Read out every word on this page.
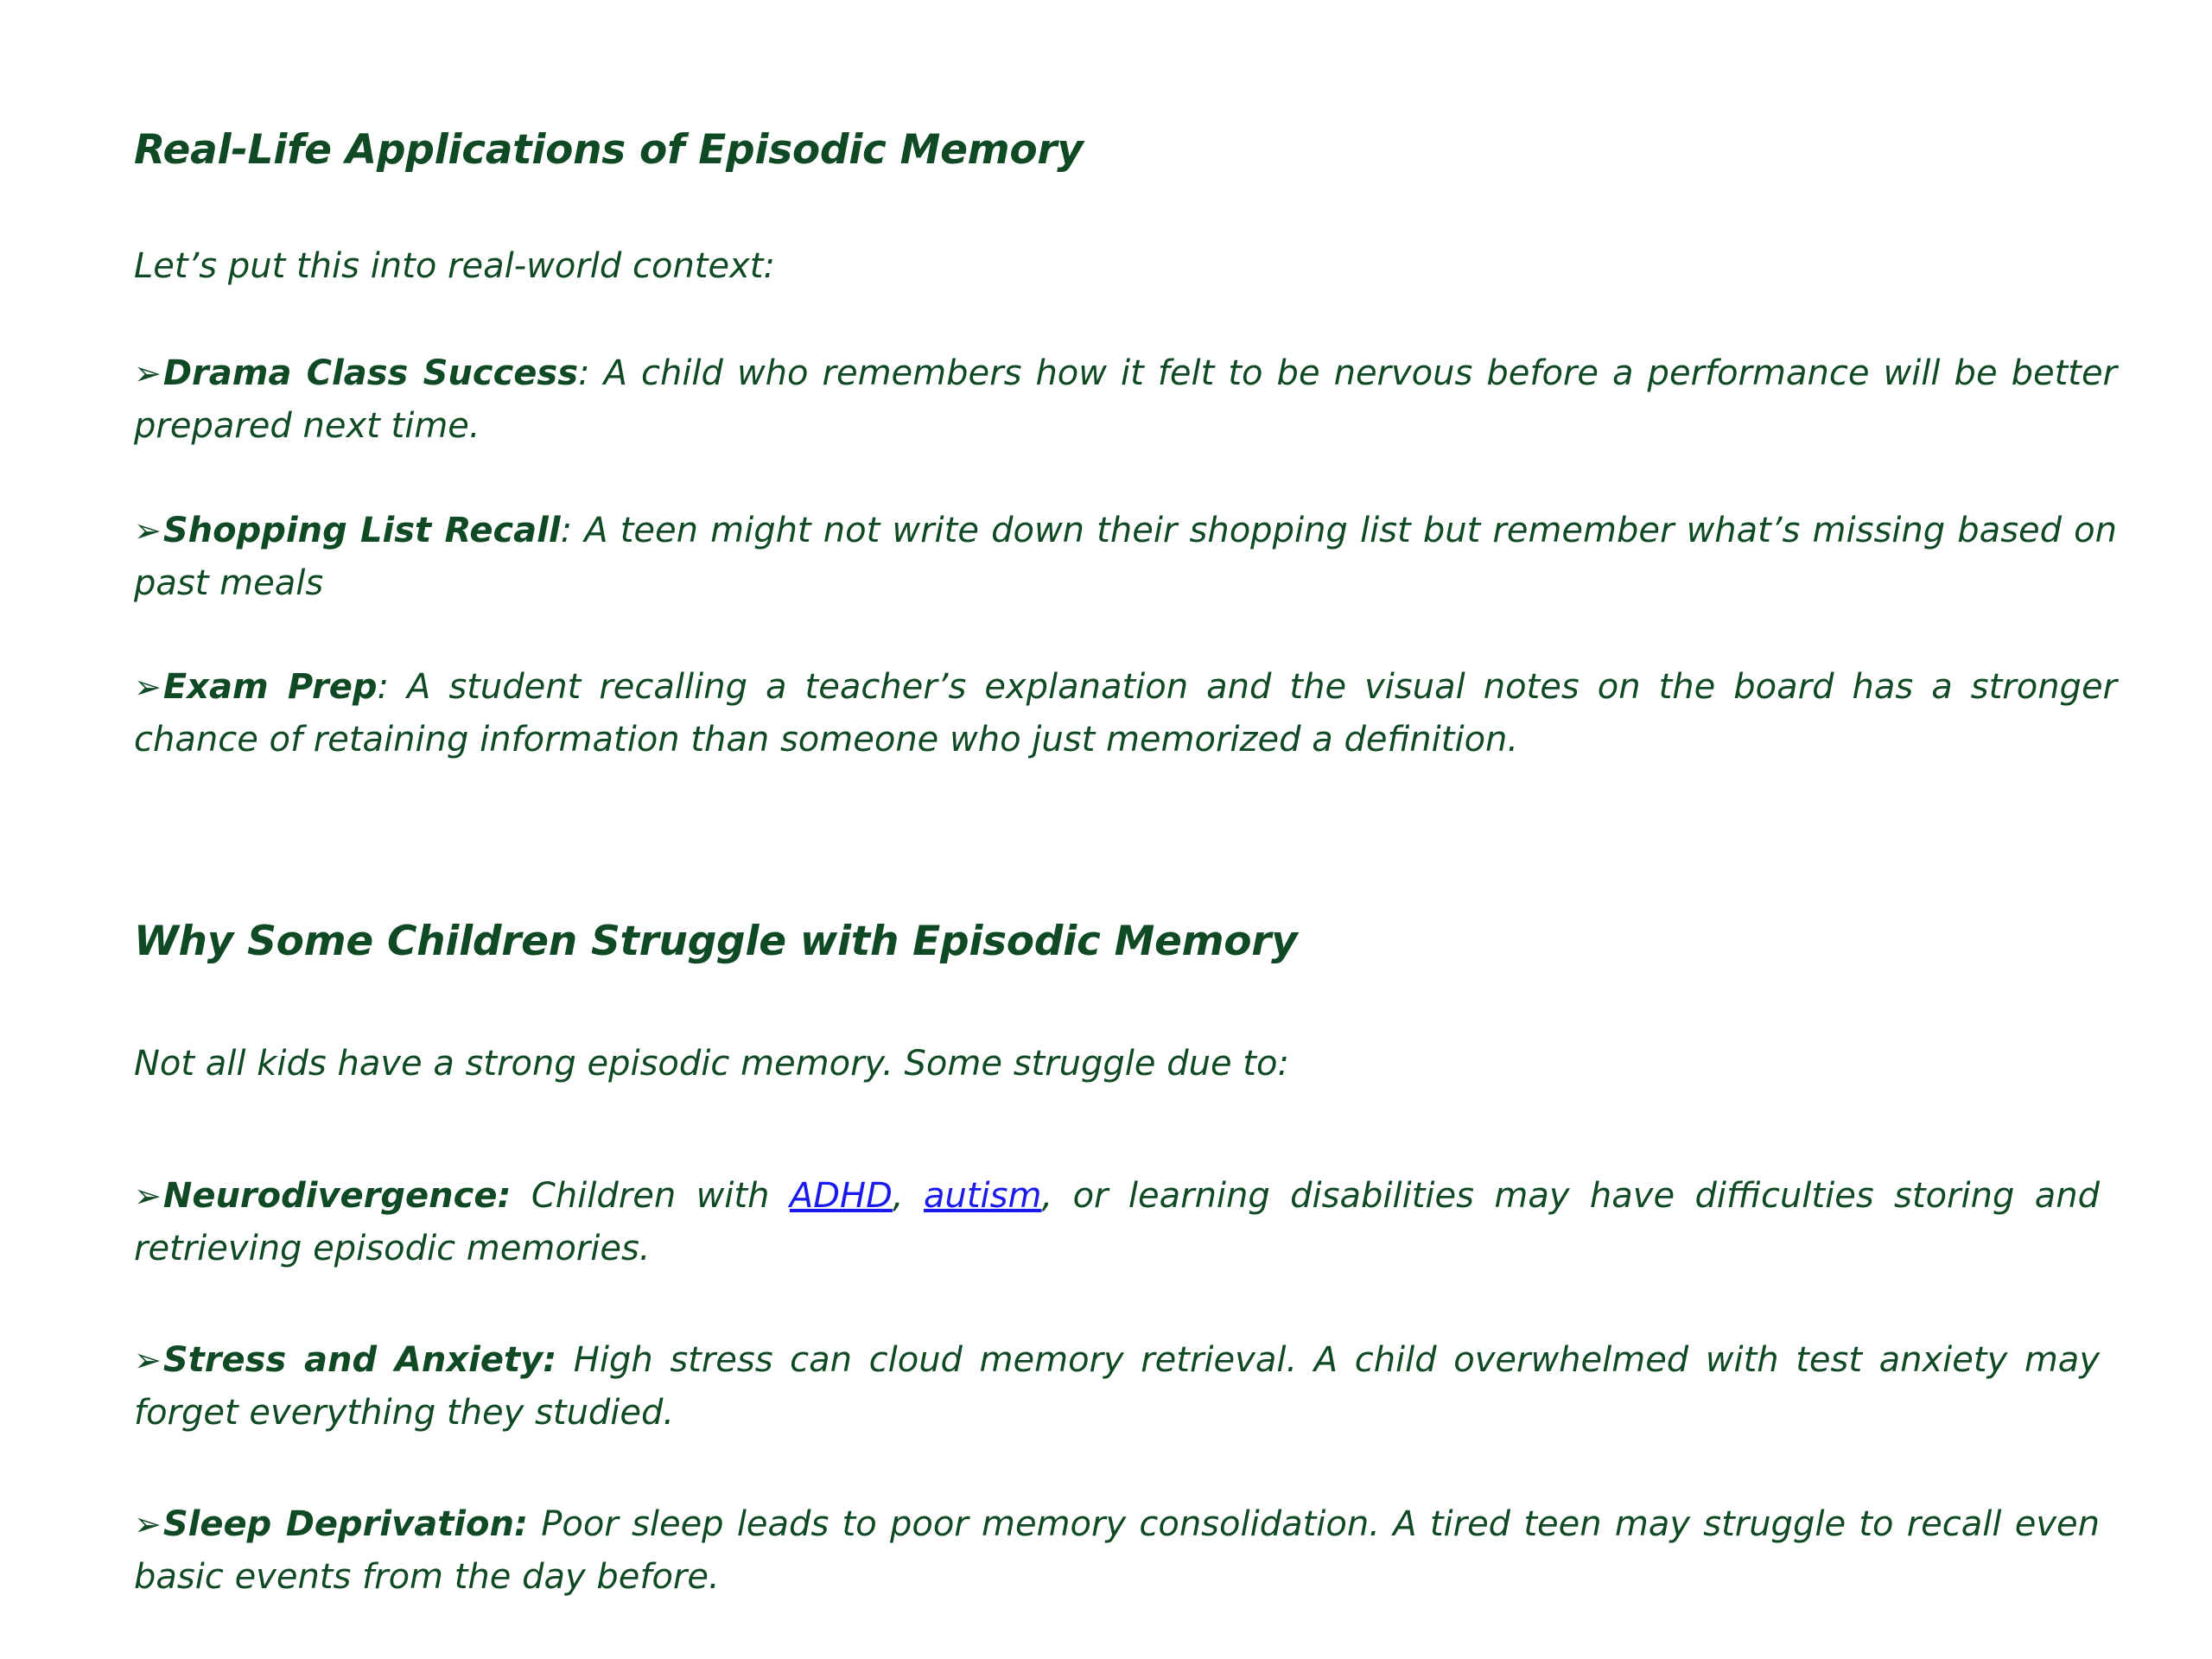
Real-Life Applications of Episodic Memory

Let’s put this into real-world context:

➢Drama Class Success: A child who remembers how it felt to be nervous before a performance will be better prepared next time.

➢Shopping List Recall: A teen might not write down their shopping list but remember what’s missing based on past meals

➢Exam Prep: A student recalling a teacher’s explanation and the visual notes on the board has a stronger chance of retaining information than someone who just memorized a definition.

Why Some Children Struggle with Episodic Memory

Not all kids have a strong episodic memory. Some struggle due to:

➢Neurodivergence: Children with ADHD, autism, or learning disabilities may have difficulties storing and retrieving episodic memories.

➢Stress and Anxiety: High stress can cloud memory retrieval. A child overwhelmed with test anxiety may forget everything they studied.

➢Sleep Deprivation: Poor sleep leads to poor memory consolidation. A tired teen may struggle to recall even basic events from the day before.
